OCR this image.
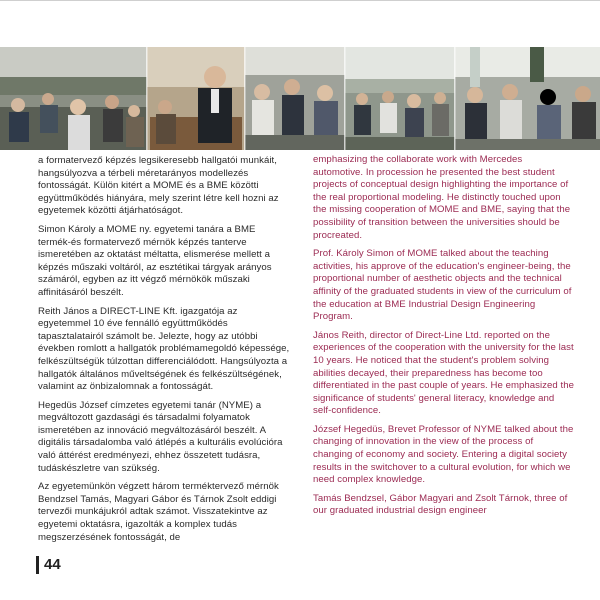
a formatervező képzés legsikeresebb hallgatói munkáit, hangsúlyozva a térbeli méretarányos modellezés fontosságát. Külön kitért a MOME és a BME közötti együttműködés hiányára, mely szerint létre kell hozni az egyetemek közötti átjárhatóságot.

Simon Károly a MOME ny. egyetemi tanára a BME termék-és formatervező mérnök képzés tanterve ismeretében az oktatást méltatta, elismerése mellett a képzés műszaki voltáról, az esztétikai tárgyak arányos számáról, egyben az itt végző mérnökök műszaki affinitásáról beszélt.

Reith János a DIRECT-LINE Kft. igazgatója az egyetemmel 10 éve fennálló együttműködés tapasztalatairól számolt be. Jelezte, hogy az utóbbi években romlott a hallgatók problémamegoldó képessége, felkészültségük túlzottan differenciálódott. Hangsúlyozta a hallgatók általános műveltségének és felkészültségének, valamint az önbizalomnak a fontosságát.

Hegedüs József címzetes egyetemi tanár (NYME) a megváltozott gazdasági és társadalmi folyamatok ismeretében az innováció megváltozásáról beszélt. A digitális társadalomba való átlépés a kulturális evolúcióra való áttérést eredményezi, ehhez összetett tudásra, tudáskészletre van szükség.

Az egyetemünkön végzett három terméktervező mérnök Bendzsel Tamás, Magyari Gábor és Tárnok Zsolt eddigi tervezői munkájukról adtak számot. Visszatekintve az egyetemi oktatásra, igazolták a komplex tudás megszerzésének fontosságát, de

emphasizing the collaborate work with Mercedes automotive. In procession he presented the best student projects of conceptual design highlighting the importance of the real proportional modeling. He distinctly touched upon the missing cooperation of MOME and BME, saying that the possibility of transition between the universities should be procreated.

Prof. Károly Simon of MOME talked about the teaching activities, his approve of the education's engineer-being, the proportional number of aesthetic objects and the technical affinity of the graduated students in view of the curriculum of the education at BME Industrial Design Engineering Program.

János Reith, director of Direct-Line Ltd. reported on the experiences of the cooperation with the university for the last 10 years. He noticed that the student's problem solving abilities decayed, their preparedness has become too differentiated in the past couple of years. He emphasized the significance of students' general literacy, knowledge and self-confidence.

József Hegedüs, Brevet Professor of NYME talked about the changing of innovation in the view of the process of changing of economy and society. Entering a digital society results in the switchover to a cultural evolution, for which we need complex knowledge.

Tamás Bendzsel, Gábor Magyari and Zsolt Tárnok, three of our graduated industrial design engineer

44
